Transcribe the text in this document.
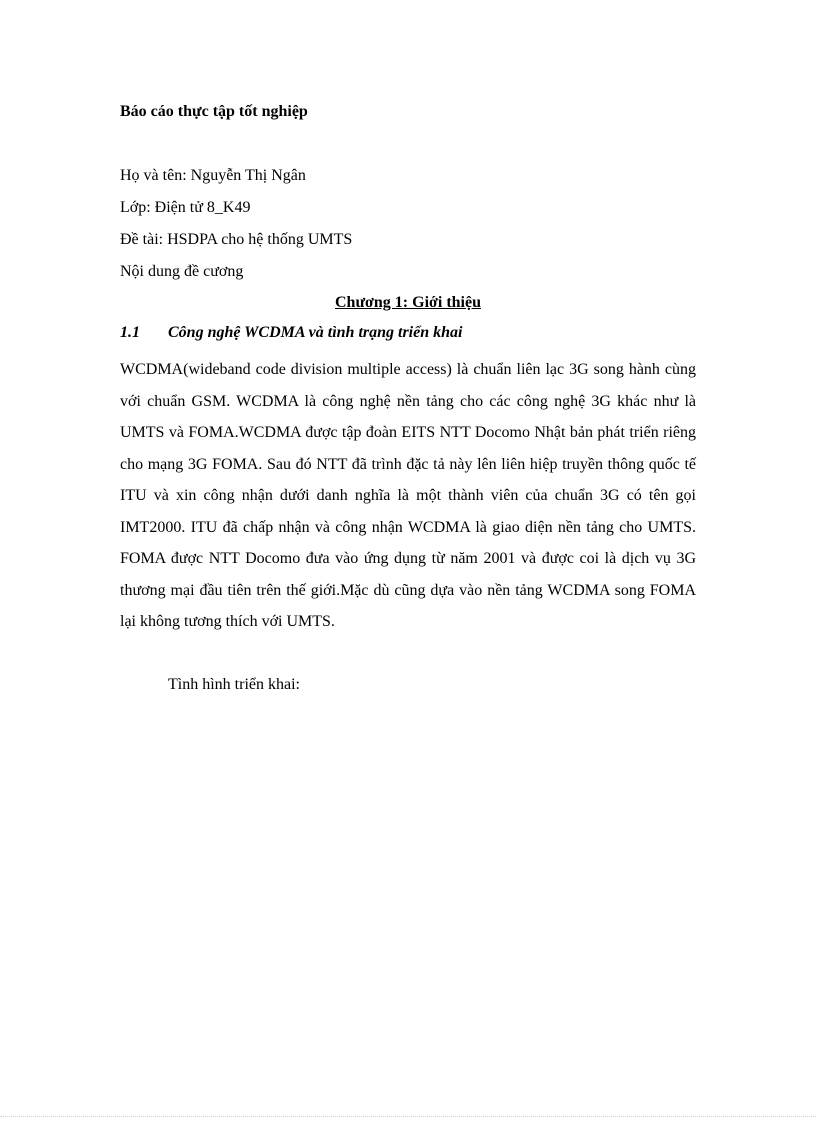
Báo cáo thực tập tốt nghiệp

Họ và tên: Nguyễn Thị Ngân

Lớp: Điện tử 8_K49

Đề tài: HSDPA cho hệ thống UMTS

Nội dung đề cương

Chương 1: Giới thiệu

1.1 Công nghệ WCDMA và tình trạng triển khai

WCDMA(wideband code division multiple access) là chuẩn liên lạc 3G song hành cùng với chuẩn GSM. WCDMA là công nghệ nền tảng cho các công nghệ 3G khác như là UMTS và FOMA.WCDMA được tập đoàn EITS NTT Docomo Nhật bản phát triển riêng cho mạng 3G FOMA. Sau đó NTT đã trình đặc tả này lên liên hiệp truyền thông quốc tế ITU và xin công nhận dưới danh nghĩa là một thành viên của chuẩn 3G có tên gọi IMT2000. ITU đã chấp nhận và công nhận WCDMA là giao diện nền tảng cho UMTS. FOMA được NTT Docomo đưa vào ứng dụng từ năm 2001 và được coi là dịch vụ 3G thương mại đầu tiên trên thế giới.Mặc dù cũng dựa vào nền tảng WCDMA song FOMA lại không tương thích với UMTS.

Tình hình triển khai:
